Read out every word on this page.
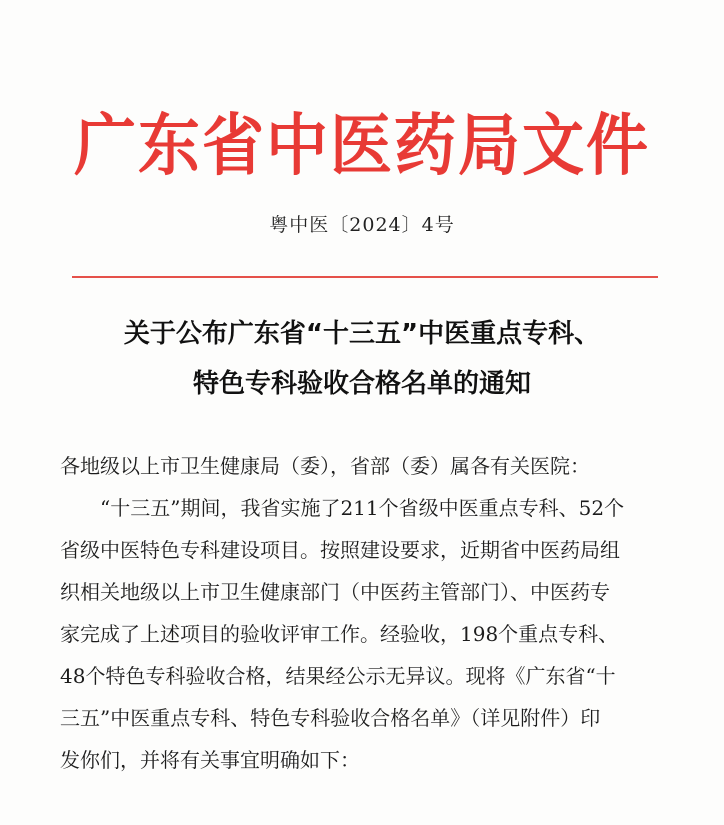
广东省中医药局文件
粤中医〔2024〕4号
关于公布广东省“十三五”中医重点专科、
特色专科验收合格名单的通知
各地级以上市卫生健康局（委），省部（委）属各有关医院：
“十三五”期间，我省实施了211个省级中医重点专科、52个
省级中医特色专科建设项目。按照建设要求，近期省中医药局组
织相关地级以上市卫生健康部门（中医药主管部门）、中医药专
家完成了上述项目的验收评审工作。经验收，198个重点专科、
48个特色专科验收合格，结果经公示无异议。现将《广东省“十
三五”中医重点专科、特色专科验收合格名单》（详见附件）印
发你们，并将有关事宜明确如下：
